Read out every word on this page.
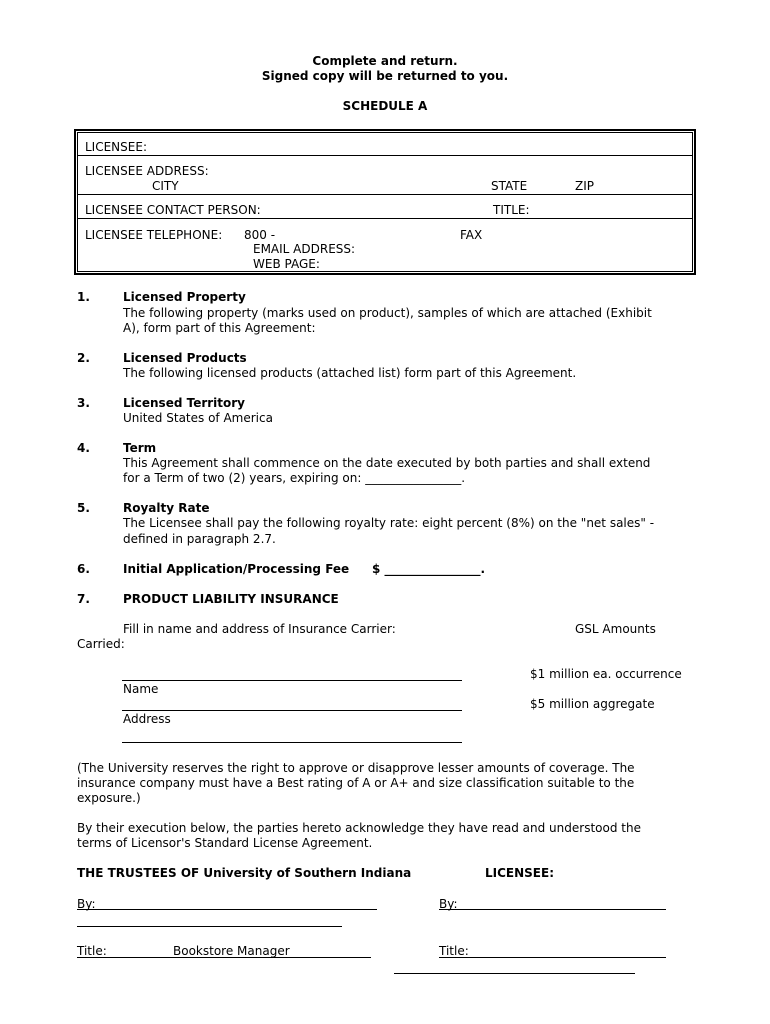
Complete and return.
Signed copy will be returned to you.
SCHEDULE A
LICENSEE:
LICENSEE ADDRESS:
CITY	STATE	ZIP
LICENSEE CONTACT PERSON:	TITLE:
LICENSEE TELEPHONE: 800 -	FAX
EMAIL ADDRESS:
WEB PAGE:
1.	Licensed Property
The following property (marks used on product), samples of which are attached (Exhibit
A), form part of this Agreement:
2.	Licensed Products
The following licensed products (attached list) form part of this Agreement.
3.	Licensed Territory
United States of America
4.	Term
This Agreement shall commence on the date executed by both parties and shall extend
for a Term of two (2) years, expiring on: ________________.
5.	Royalty Rate
The Licensee shall pay the following royalty rate: eight percent (8%) on the "net sales" -
defined in paragraph 2.7.
6.	Initial Application/Processing Fee $ ________________.
7.	PRODUCT LIABILITY INSURANCE
Fill in name and address of Insurance Carrier:	GSL Amounts
Carried:
$1 million ea. occurrence
Name
$5 million aggregate
Address
(The University reserves the right to approve or disapprove lesser amounts of coverage. The
insurance company must have a Best rating of A or A+ and size classification suitable to the
exposure.)
By their execution below, the parties hereto acknowledge they have read and understood the
terms of Licensor's Standard License Agreement.
THE TRUSTEES OF University of Southern Indiana	LICENSEE:
By:	By:
Title:	Bookstore Manager	Title:
